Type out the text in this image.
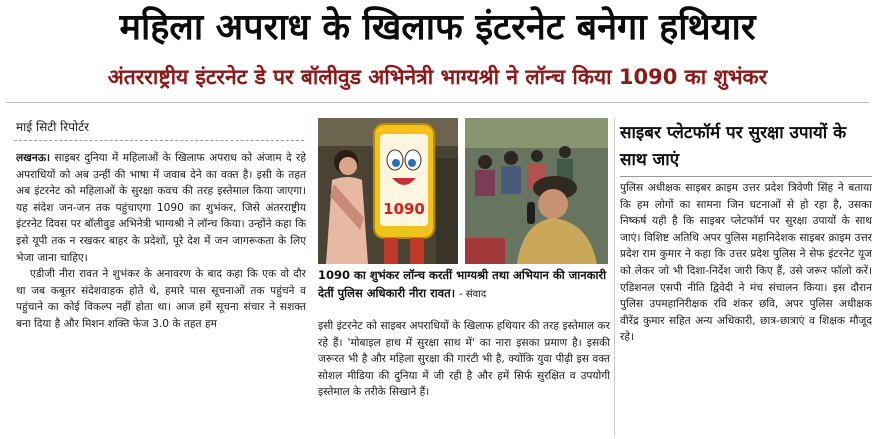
महिला अपराध के खिलाफ इंटरनेट बनेगा हथियार
अंतरराष्ट्रीय इंटरनेट डे पर बॉलीवुड अभिनेत्री भाग्यश्री ने लॉन्च किया 1090 का शुभंकर
माई सिटी रिपोर्टर

लखनऊ। साइबर दुनिया में महिलाओं के खिलाफ अपराध को अंजाम दे रहे अपराधियों को अब उन्हीं की भाषा में जवाब देने का वक्त है। इसी के तहत अब इंटरनेट को महिलाओं के सुरक्षा कवच की तरह इस्तेमाल किया जाएगा। यह संदेश जन-जन तक पहुंचाएगा 1090 का शुभंकर, जिसे अंतरराष्ट्रीय इंटरनेट दिवस पर बॉलीवुड अभिनेत्री भाग्यश्री ने लॉन्च किया। उन्होंने कहा कि इसे यूपी तक न रखकर बाहर के प्रदेशों, पूरे देश में जन जागरूकता के लिए भेजा जाना चाहिए।

एडीजी नीरा रावत ने शुभंकर के अनावरण के बाद कहा कि एक वो दौर था जब कबूतर संदेशवाहक होते थे, हमारे पास सूचनाओं तक पहुंचने व पहुंचाने का कोई विकल्प नहीं होता था। आज हमें सूचना संचार ने सशक्त बना दिया है और मिशन शक्ति फेज 3.0 के तहत हम

1090
1090 का शुभंकर लॉन्च करतीं भाग्यश्री तथा अभियान की जानकारी देतीं पुलिस अधिकारी नीरा रावत। - संवाद
इसी इंटरनेट को साइबर अपराधियों के खिलाफ हथियार की तरह इस्तेमाल कर रहे हैं। 'मोबाइल हाथ में सुरक्षा साथ में' का नारा इसका प्रमाण है। इसकी जरूरत भी है और महिला सुरक्षा की गारंटी भी है, क्योंकि युवा पीढ़ी इस वक्त सोशल मीडिया की दुनिया में जी रही है और हमें सिर्फ सुरक्षित व उपयोगी इस्तेमाल के तरीके सिखाने हैं।
साइबर प्लेटफॉर्म पर सुरक्षा उपायों के साथ जाएं
पुलिस अधीक्षक साइबर क्राइम उत्तर प्रदेश त्रिवेणी सिंह ने बताया कि हम लोगों का सामना जिन घटनाओं से हो रहा है, उसका निष्कर्ष यही है कि साइबर प्लेटफॉर्म पर सुरक्षा उपायों के साथ जाएं। विशिष्ट अतिथि अपर पुलिस महानिदेशक साइबर क्राइम उत्तर प्रदेश राम कुमार ने कहा कि उत्तर प्रदेश पुलिस ने सेफ इंटरनेट यूज को लेकर जो भी दिशा-निर्देश जारी किए हैं, उसे जरूर फॉलो करें। एडिशनल एसपी नीति द्विवेदी ने मंच संचालन किया। इस दौरान पुलिस उपमहानिरीक्षक रवि शंकर छवि, अपर पुलिस अधीक्षक वीरेंद्र कुमार सहित अन्य अधिकारी, छात्र-छात्राएं व शिक्षक मौजूद रहे।
